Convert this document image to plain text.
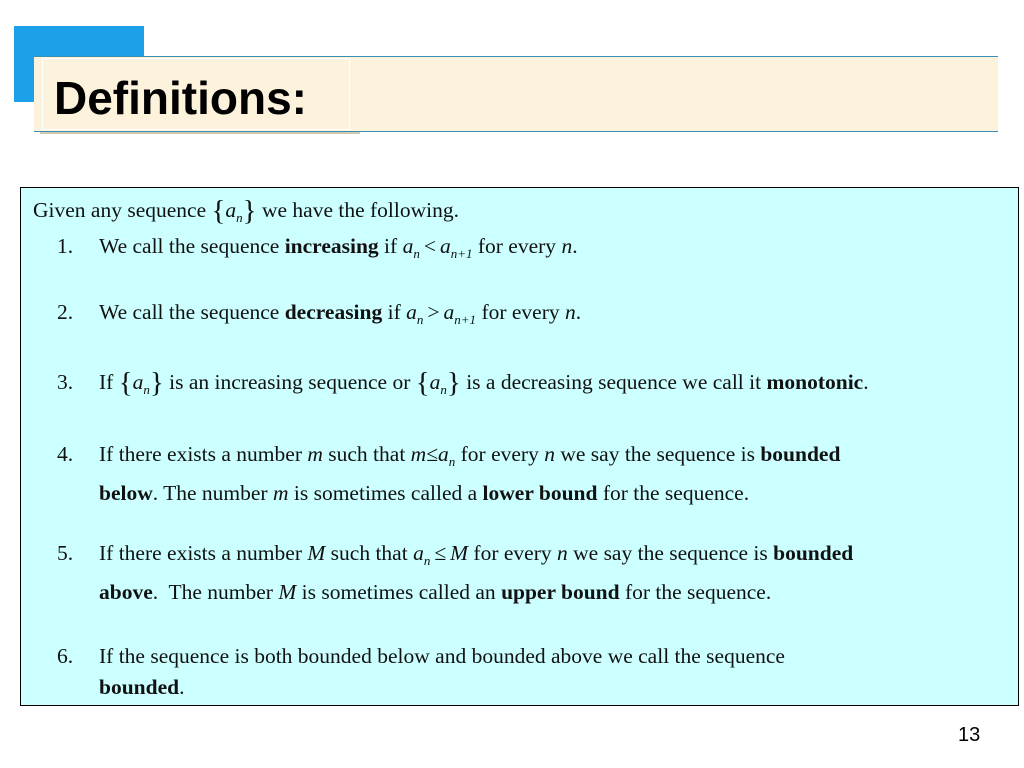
Definitions:
Given any sequence $\{a_n\}$ we have the following.
1. We call the sequence increasing if $a_n < a_{n+1}$ for every n.
2. We call the sequence decreasing if $a_n > a_{n+1}$ for every n.
3. If $\{a_n\}$ is an increasing sequence or $\{a_n\}$ is a decreasing sequence we call it monotonic.
4. If there exists a number m such that $m\le a_n$ for every n we say the sequence is bounded
below. The number m is sometimes called a lower bound for the sequence.
5. If there exists a number M such that $a_n \le M$ for every n we say the sequence is bounded
above.  The number M is sometimes called an upper bound for the sequence.
6. If the sequence is both bounded below and bounded above we call the sequence
bounded.
13
